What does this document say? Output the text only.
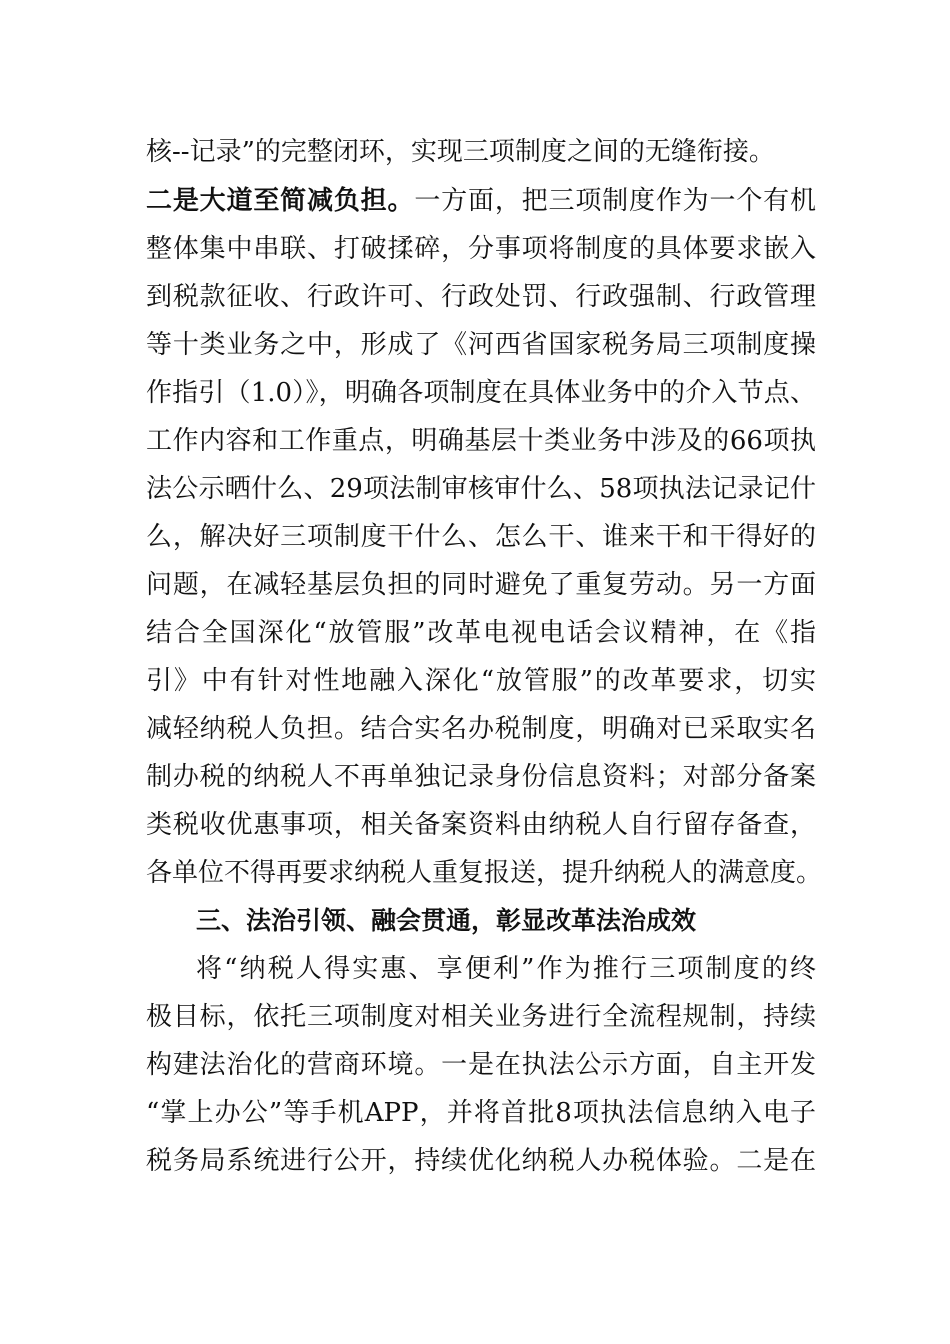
核--记录”的完整闭环，实现三项制度之间的无缝衔接。
二是大道至简减负担。一方面，把三项制度作为一个有机
整体集中串联、打破揉碎，分事项将制度的具体要求嵌入
到税款征收、行政许可、行政处罚、行政强制、行政管理
等十类业务之中，形成了《河西省国家税务局三项制度操
作指引（1.0）》，明确各项制度在具体业务中的介入节点、
工作内容和工作重点，明确基层十类业务中涉及的66项执
法公示晒什么、29项法制审核审什么、58项执法记录记什
么，解决好三项制度干什么、怎么干、谁来干和干得好的
问题，在减轻基层负担的同时避免了重复劳动。另一方面
结合全国深化“放管服”改革电视电话会议精神，在《指
引》中有针对性地融入深化“放管服”的改革要求，切实
减轻纳税人负担。结合实名办税制度，明确对已采取实名
制办税的纳税人不再单独记录身份信息资料；对部分备案
类税收优惠事项，相关备案资料由纳税人自行留存备查，
各单位不得再要求纳税人重复报送，提升纳税人的满意度。
三、法治引领、融会贯通，彰显改革法治成效
将“纳税人得实惠、享便利”作为推行三项制度的终
极目标，依托三项制度对相关业务进行全流程规制，持续
构建法治化的营商环境。一是在执法公示方面，自主开发
“掌上办公”等手机APP，并将首批8项执法信息纳入电子
税务局系统进行公开，持续优化纳税人办税体验。二是在
